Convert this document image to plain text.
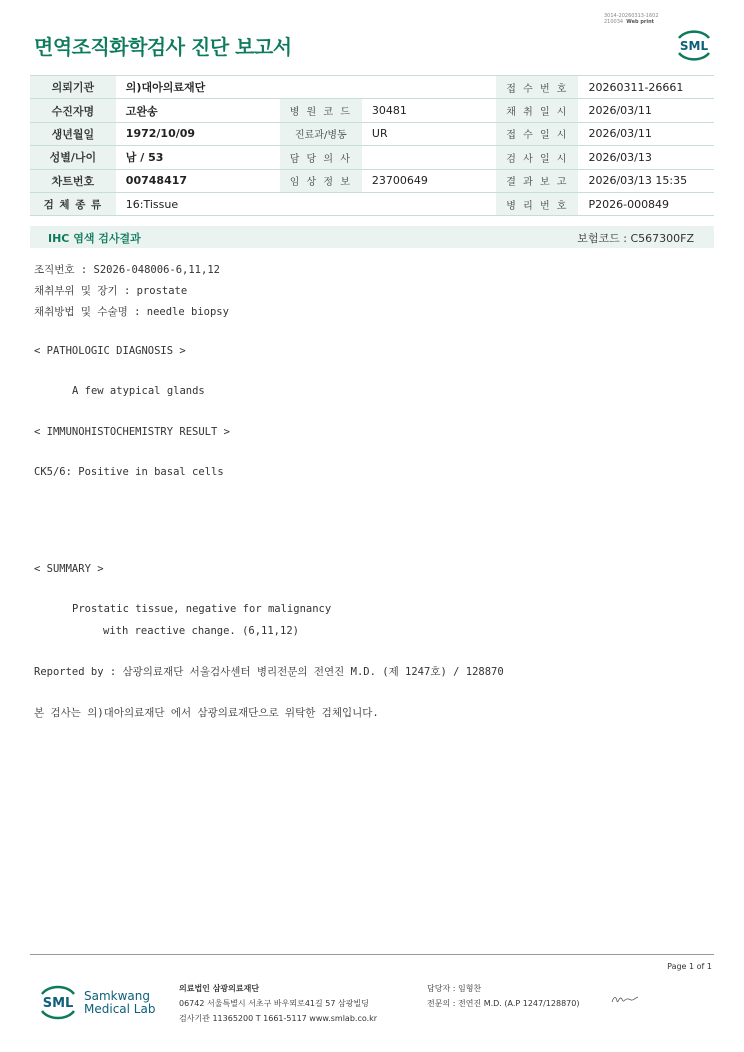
3014-20260313-1602
210034 Web print
면역조직화학검사 진단 보고서	SML
의뢰기관	의)대아의료재단			접 수 번 호	20260311-26661
수진자명	고완송	병 원 코 드	30481	채 취 일 시	2026/03/11
생년월일	1972/10/09	진료과/병동	UR	접 수 일 시	2026/03/11
성별/나이	남 / 53	담 당 의 사		검 사 일 시	2026/03/13
차트번호	00748417	임 상 정 보	23700649	결 과 보 고	2026/03/13 15:35
검 체 종 류	16:Tissue			병 리 번 호	P2026-000849
IHC 염색 검사결과	보험코드 : C567300FZ
조직번호 : S2026-048006-6,11,12
채취부위 및 장기 : prostate
채취방법 및 수술명 : needle biopsy
< PATHOLOGIC DIAGNOSIS >
A few atypical glands
< IMMUNOHISTOCHEMISTRY RESULT >
CK5/6: Positive in basal cells
< SUMMARY >
Prostatic tissue, negative for malignancy
with reactive change. (6,11,12)
Reported by : 삼광의료재단 서울검사센터 병리전문의 전연진 M.D. (제 1247호) / 128870
본 검사는 의)대아의료재단 에서 삼광의료재단으로 위탁한 검체입니다.
Page 1 of 1
SML Samkwang
Medical Lab
의료법인 삼광의료재단
06742 서울특별시 서초구 바우뫼로41길 57 삼광빌딩
검사기관 11365200 T 1661-5117 www.smlab.co.kr
담당자 : 임형찬
전문의 : 전연진 M.D. (A.P 1247/128870)
